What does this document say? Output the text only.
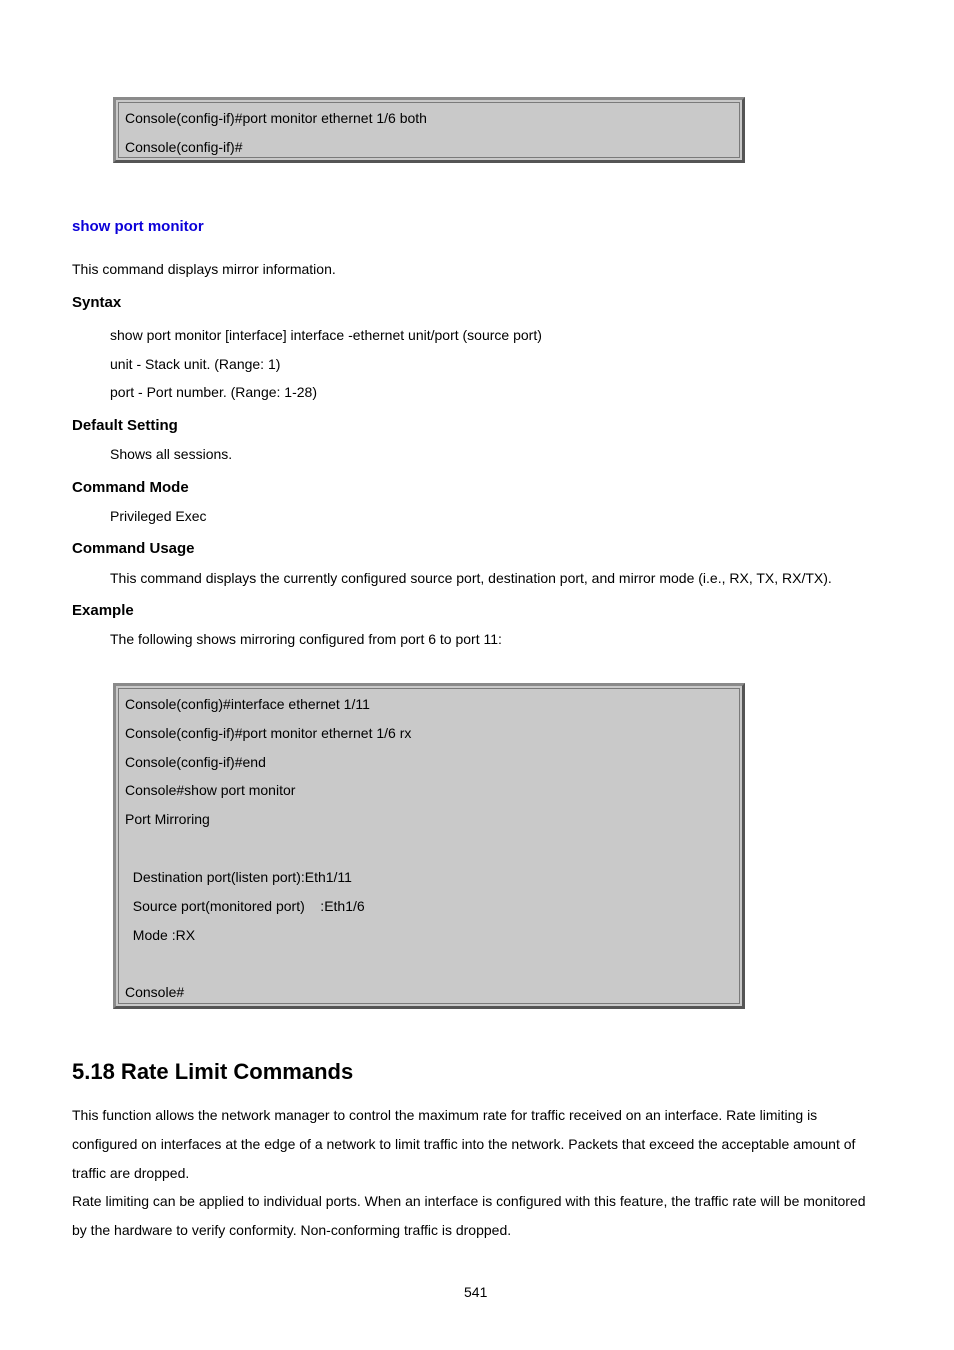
Console(config-if)#port monitor ethernet 1/6 both
Console(config-if)#
show port monitor
This command displays mirror information.
Syntax
show port monitor [interface] interface -ethernet unit/port (source port)
unit - Stack unit. (Range: 1)
port - Port number. (Range: 1-28)
Default Setting
Shows all sessions.
Command Mode
Privileged Exec
Command Usage
This command displays the currently configured source port, destination port, and mirror mode (i.e., RX, TX, RX/TX).
Example
The following shows mirroring configured from port 6 to port 11:
Console(config)#interface ethernet 1/11
Console(config-if)#port monitor ethernet 1/6 rx
Console(config-if)#end
Console#show port monitor
Port Mirroring
Destination port(listen port):Eth1/11
Source port(monitored port)    :Eth1/6
Mode :RX
Console#
5.18 Rate Limit Commands
This function allows the network manager to control the maximum rate for traffic received on an interface. Rate limiting is
configured on interfaces at the edge of a network to limit traffic into the network. Packets that exceed the acceptable amount of
traffic are dropped.
Rate limiting can be applied to individual ports. When an interface is configured with this feature, the traffic rate will be monitored
by the hardware to verify conformity. Non-conforming traffic is dropped.
541
